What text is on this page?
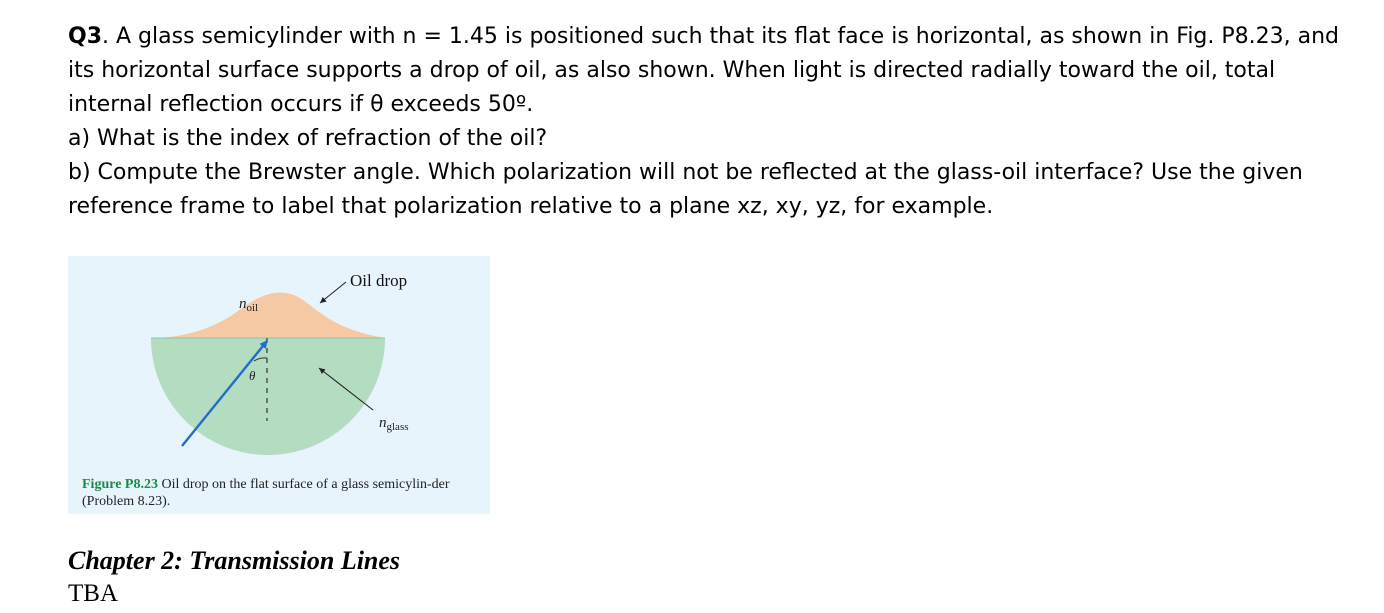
Q3. A glass semicylinder with n = 1.45 is positioned such that its flat face is horizontal, as shown in Fig. P8.23, and its horizontal surface supports a drop of oil, as also shown. When light is directed radially toward the oil, total internal reflection occurs if θ exceeds 50º.

a) What is the index of refraction of the oil?

b) Compute the Brewster angle. Which polarization will not be reflected at the glass-oil interface? Use the given reference frame to label that polarization relative to a plane xz, xy, yz, for example.

Oil drop
$n_{oil}$
θ
$n_{glass}$
Figure P8.23 Oil drop on the flat surface of a glass semicylin-der (Problem 8.23).
Chapter 2: Transmission Lines

TBA
